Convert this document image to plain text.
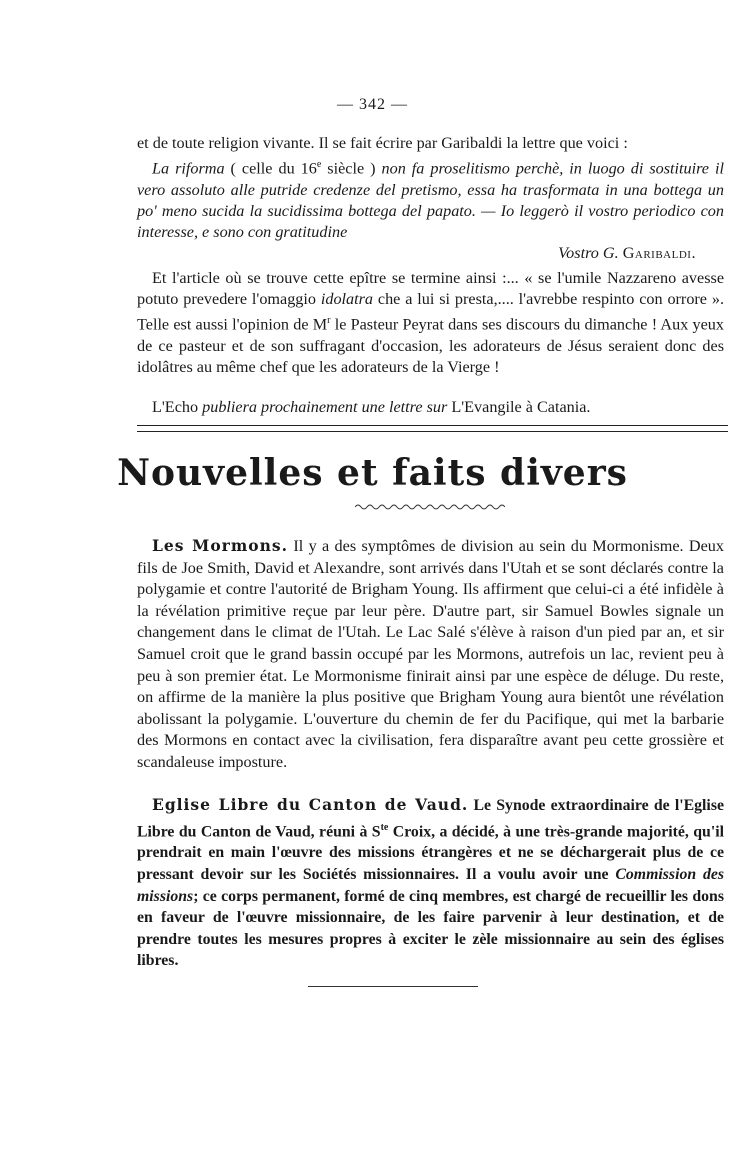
— 342 —

et de toute religion vivante. Il se fait écrire par Garibaldi la lettre que voici :

La riforma ( celle du 16e siècle ) non fa proselitismo perchè, in luogo di sostituire il vero assoluto alle putride credenze del pretismo, essa ha trasformata in una bottega un po' meno sucida la sucidissima bottega del papato. — Io leggerò il vostro periodico con interesse, e sono con gratitudine

Vostro G. Garibaldi.

Et l'article où se trouve cette epître se termine ainsi :... « se l'umile Nazzareno avesse potuto prevedere l'omaggio idolatra che a lui si presta,.... l'avrebbe respinto con orrore ». Telle est aussi l'opinion de $M^r$ le Pasteur Peyrat dans ses discours du dimanche ! Aux yeux de ce pasteur et de son suffragant d'occasion, les adorateurs de Jésus seraient donc des idolâtres au même chef que les adorateurs de la Vierge !

L'Echo publiera prochainement une lettre sur L'Evangile à Catania.

Nouvelles et faits divers

Les Mormons. Il y a des symptômes de division au sein du Mormonisme. Deux fils de Joe Smith, David et Alexandre, sont arrivés dans l'Utah et se sont déclarés contre la polygamie et contre l'autorité de Brigham Young. Ils affirment que celui-ci a été infidèle à la révélation primitive reçue par leur père. D'autre part, sir Samuel Bowles signale un changement dans le climat de l'Utah. Le Lac Salé s'élève à raison d'un pied par an, et sir Samuel croit que le grand bassin occupé par les Mormons, autrefois un lac, revient peu à peu à son premier état. Le Mormonisme finirait ainsi par une espèce de déluge. Du reste, on affirme de la manière la plus positive que Brigham Young aura bientôt une révélation abolissant la polygamie. L'ouverture du chemin de fer du Pacifique, qui met la barbarie des Mormons en contact avec la civilisation, fera disparaître avant peu cette grossière et scandaleuse imposture.

Eglise Libre du Canton de Vaud. Le Synode extraordinaire de l'Eglise Libre du Canton de Vaud, réuni à $S^{te}$ Croix, a décidé, à une très-grande majorité, qu'il prendrait en main l'œuvre des missions étrangères et ne se déchargerait plus de ce pressant devoir sur les Sociétés missionnaires. Il a voulu avoir une Commission des missions; ce corps permanent, formé de cinq membres, est chargé de recueillir les dons en faveur de l'œuvre missionnaire, de les faire parvenir à leur destination, et de prendre toutes les mesures propres à exciter le zèle missionnaire au sein des églises libres.
